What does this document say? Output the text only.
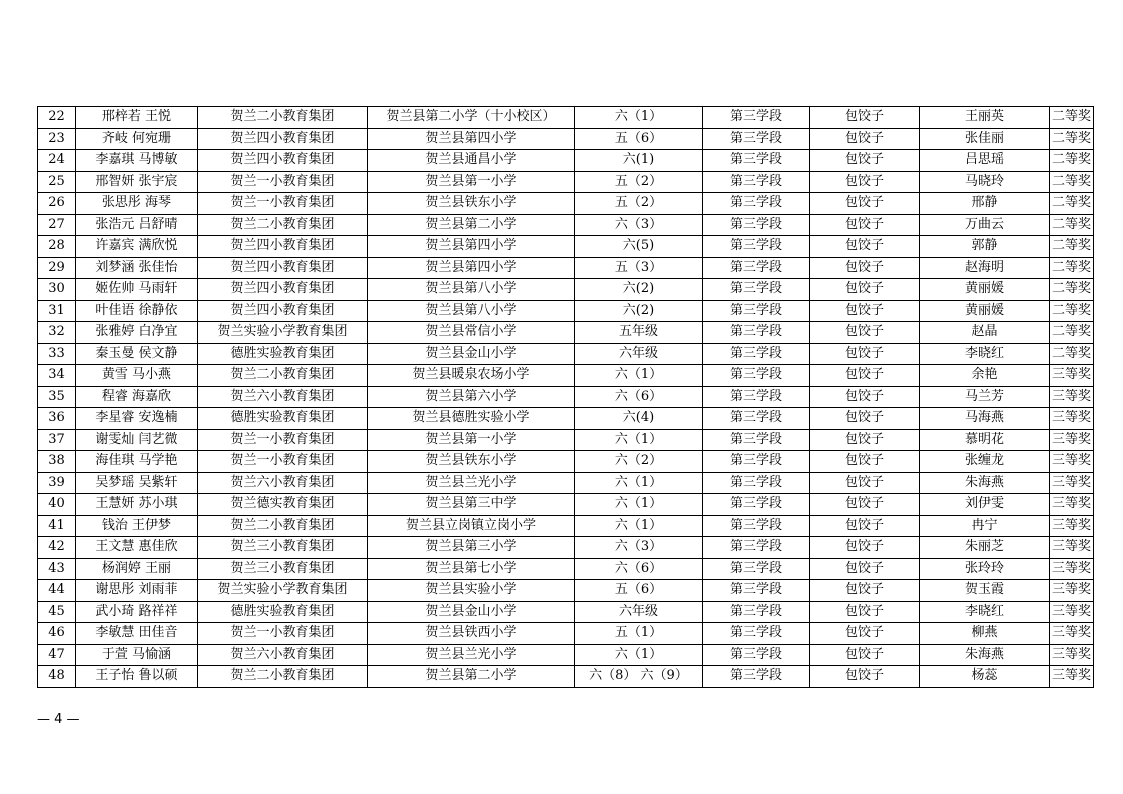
22	邢梓若 王悦	贺兰二小教育集团	贺兰县第二小学（十小校区）	六（1）	第三学段	包饺子	王丽英	二等奖
23	齐岐 何宛珊	贺兰四小教育集团	贺兰县第四小学	五（6）	第三学段	包饺子	张佳丽	二等奖
24	李嘉琪 马博敏	贺兰四小教育集团	贺兰县通昌小学	六(1)	第三学段	包饺子	吕思瑶	二等奖
25	邢智妍 张宇宸	贺兰一小教育集团	贺兰县第一小学	五（2）	第三学段	包饺子	马晓玲	二等奖
26	张思彤 海琴	贺兰一小教育集团	贺兰县铁东小学	五（2）	第三学段	包饺子	邢静	二等奖
27	张浩元 吕舒晴	贺兰二小教育集团	贺兰县第二小学	六（3）	第三学段	包饺子	万曲云	二等奖
28	许嘉宾 满欣悦	贺兰四小教育集团	贺兰县第四小学	六(5)	第三学段	包饺子	郭静	二等奖
29	刘梦涵 张佳怡	贺兰四小教育集团	贺兰县第四小学	五（3）	第三学段	包饺子	赵海明	二等奖
30	姬佐帅 马雨轩	贺兰四小教育集团	贺兰县第八小学	六(2)	第三学段	包饺子	黄丽媛	二等奖
31	叶佳语 徐静依	贺兰四小教育集团	贺兰县第八小学	六(2)	第三学段	包饺子	黄丽媛	二等奖
32	张雅婷 白净宜	贺兰实验小学教育集团	贺兰县常信小学	五年级	第三学段	包饺子	赵晶	二等奖
33	秦玉曼 侯文静	德胜实验教育集团	贺兰县金山小学	六年级	第三学段	包饺子	李晓红	二等奖
34	黄雪 马小燕	贺兰二小教育集团	贺兰县暖泉农场小学	六（1）	第三学段	包饺子	余艳	三等奖
35	程睿 海嘉欣	贺兰六小教育集团	贺兰县第六小学	六（6）	第三学段	包饺子	马兰芳	三等奖
36	李星睿 安逸楠	德胜实验教育集团	贺兰县德胜实验小学	六(4)	第三学段	包饺子	马海燕	三等奖
37	谢雯灿 闫艺微	贺兰一小教育集团	贺兰县第一小学	六（1）	第三学段	包饺子	慕明花	三等奖
38	海佳琪 马学艳	贺兰一小教育集团	贺兰县铁东小学	六（2）	第三学段	包饺子	张缠龙	三等奖
39	吴梦瑶 吴紫轩	贺兰六小教育集团	贺兰县兰光小学	六（1）	第三学段	包饺子	朱海燕	三等奖
40	王慧妍 苏小琪	贺兰德实教育集团	贺兰县第三中学	六（1）	第三学段	包饺子	刘伊雯	三等奖
41	钱治 王伊梦	贺兰二小教育集团	贺兰县立岗镇立岗小学	六（1）	第三学段	包饺子	冉宁	三等奖
42	王文慧 惠佳欣	贺兰三小教育集团	贺兰县第三小学	六（3）	第三学段	包饺子	朱丽芝	三等奖
43	杨润婷 王丽	贺兰三小教育集团	贺兰县第七小学	六（6）	第三学段	包饺子	张玲玲	三等奖
44	谢思彤 刘雨菲	贺兰实验小学教育集团	贺兰县实验小学	五（6）	第三学段	包饺子	贺玉霞	三等奖
45	武小琦 路祥祥	德胜实验教育集团	贺兰县金山小学	六年级	第三学段	包饺子	李晓红	三等奖
46	李敏慧 田佳音	贺兰一小教育集团	贺兰县铁西小学	五（1）	第三学段	包饺子	柳燕	三等奖
47	于萱 马愉涵	贺兰六小教育集团	贺兰县兰光小学	六（1）	第三学段	包饺子	朱海燕	三等奖
48	王子怡 鲁以硕	贺兰二小教育集团	贺兰县第二小学	六（8） 六（9）	第三学段	包饺子	杨蕊	三等奖
— 4 —
